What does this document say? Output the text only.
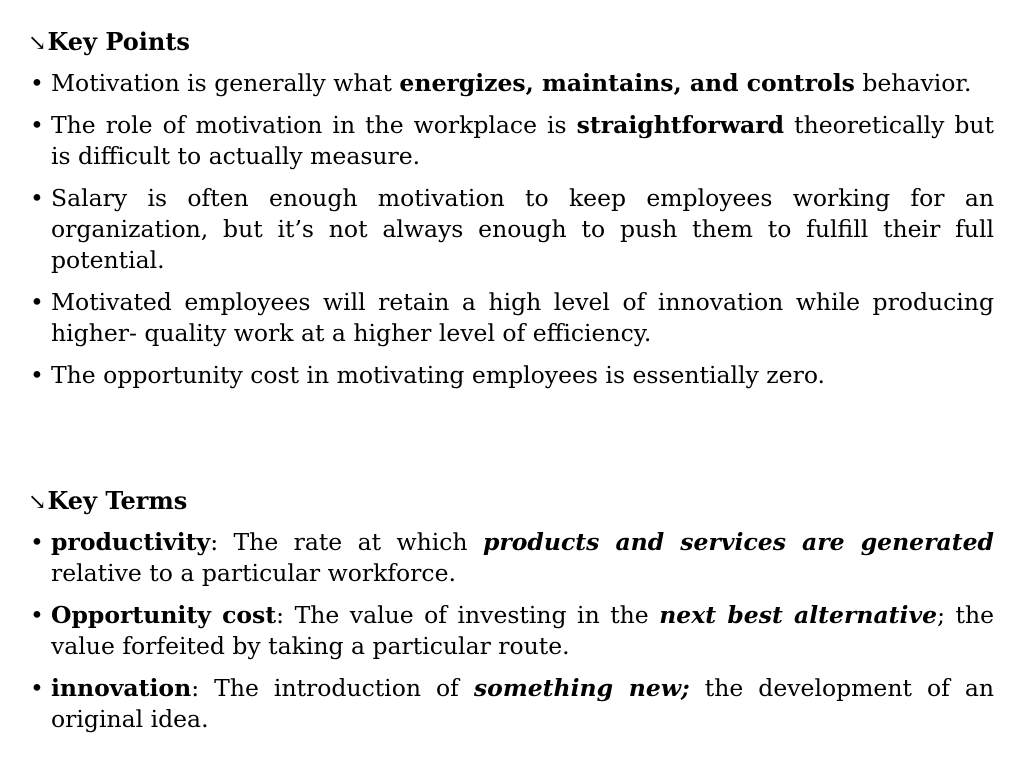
↘Key Points
• Motivation is generally what energizes, maintains, and controls behavior.
• The role of motivation in the workplace is straightforward theoretically but is difficult to actually measure.
• Salary is often enough motivation to keep employees working for an organization, but it’s not always enough to push them to fulfill their full potential.
• Motivated employees will retain a high level of innovation while producing higher- quality work at a higher level of efficiency.
• The opportunity cost in motivating employees is essentially zero.
↘Key Terms
• productivity: The rate at which products and services are generated relative to a particular workforce.
• Opportunity cost: The value of investing in the next best alternative; the value forfeited by taking a particular route.
• innovation: The introduction of something new; the development of an original idea.
